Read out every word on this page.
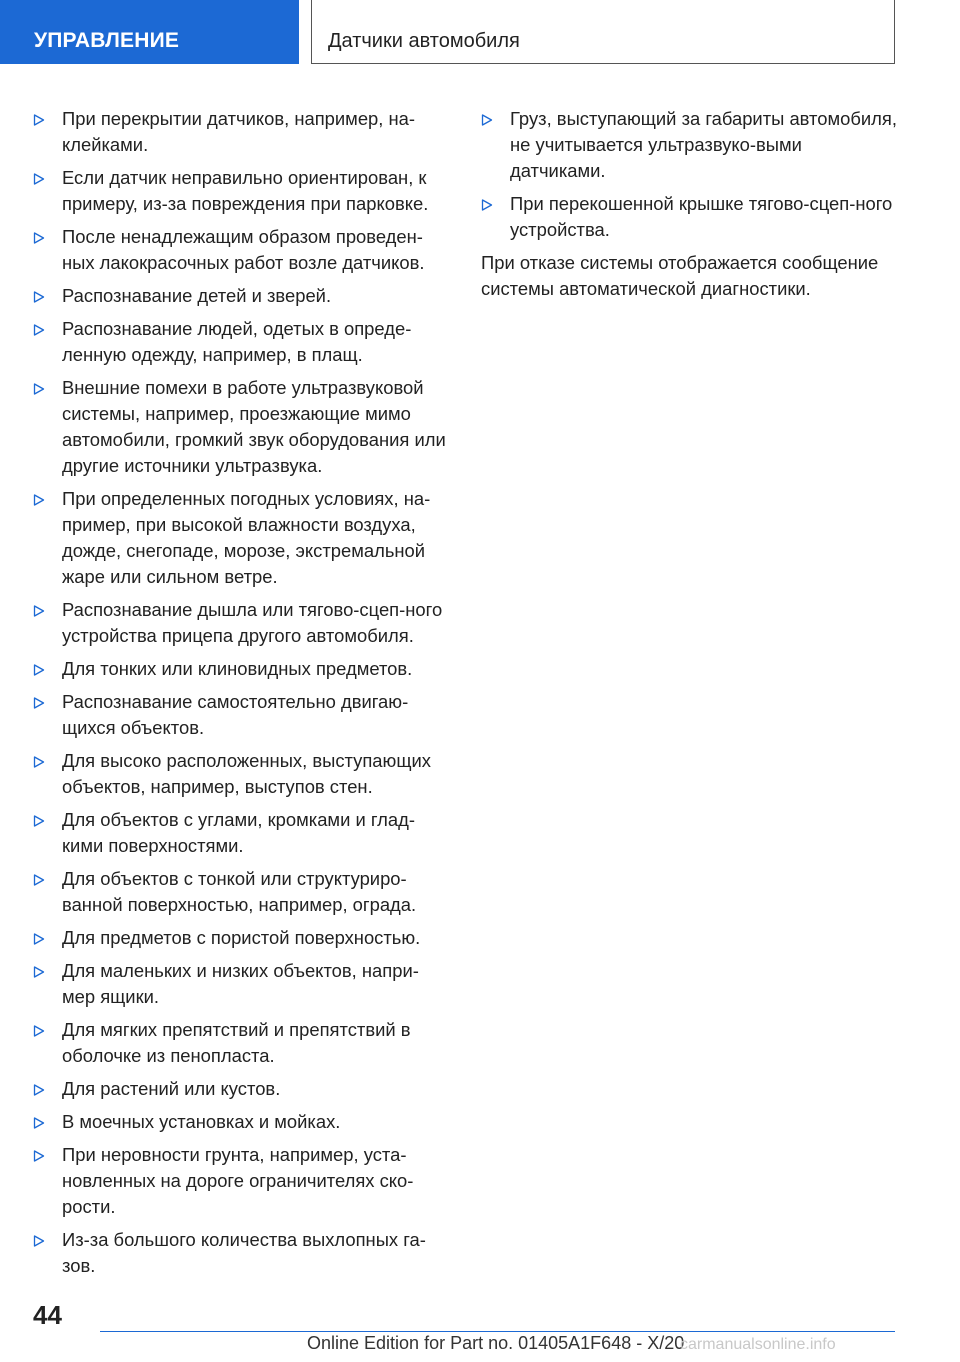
УПРАВЛЕНИЕ	Датчики автомобиля
При перекрытии датчиков, например, на-клейками.
Если датчик неправильно ориентирован, к примеру, из-за повреждения при парковке.
После ненадлежащим образом проведен-ных лакокрасочных работ возле датчиков.
Распознавание детей и зверей.
Распознавание людей, одетых в опреде-ленную одежду, например, в плащ.
Внешние помехи в работе ультразвуковой системы, например, проезжающие мимо автомобили, громкий звук оборудования или другие источники ультразвука.
При определенных погодных условиях, на-пример, при высокой влажности воздуха, дожде, снегопаде, морозе, экстремальной жаре или сильном ветре.
Распознавание дышла или тягово-сцеп-ного устройства прицепа другого автомобиля.
Для тонких или клиновидных предметов.
Распознавание самостоятельно двигаю-щихся объектов.
Для высоко расположенных, выступающих объектов, например, выступов стен.
Для объектов с углами, кромками и глад-кими поверхностями.
Для объектов с тонкой или структуриро-ванной поверхностью, например, ограда.
Для предметов с пористой поверхностью.
Для маленьких и низких объектов, напри-мер ящики.
Для мягких препятствий и препятствий в оболочке из пенопласта.
Для растений или кустов.
В моечных установках и мойках.
При неровности грунта, например, уста-новленных на дороге ограничителях ско-рости.
Из-за большого количества выхлопных га-зов.
Груз, выступающий за габариты автомобиля, не учитывается ультразвуко-выми датчиками.
При перекошенной крышке тягово-сцеп-ного устройства.
При отказе системы отображается сообщение системы автоматической диагностики.
44
Online Edition for Part no. 01405A1F648 - X/20
carmanualsonline.info
